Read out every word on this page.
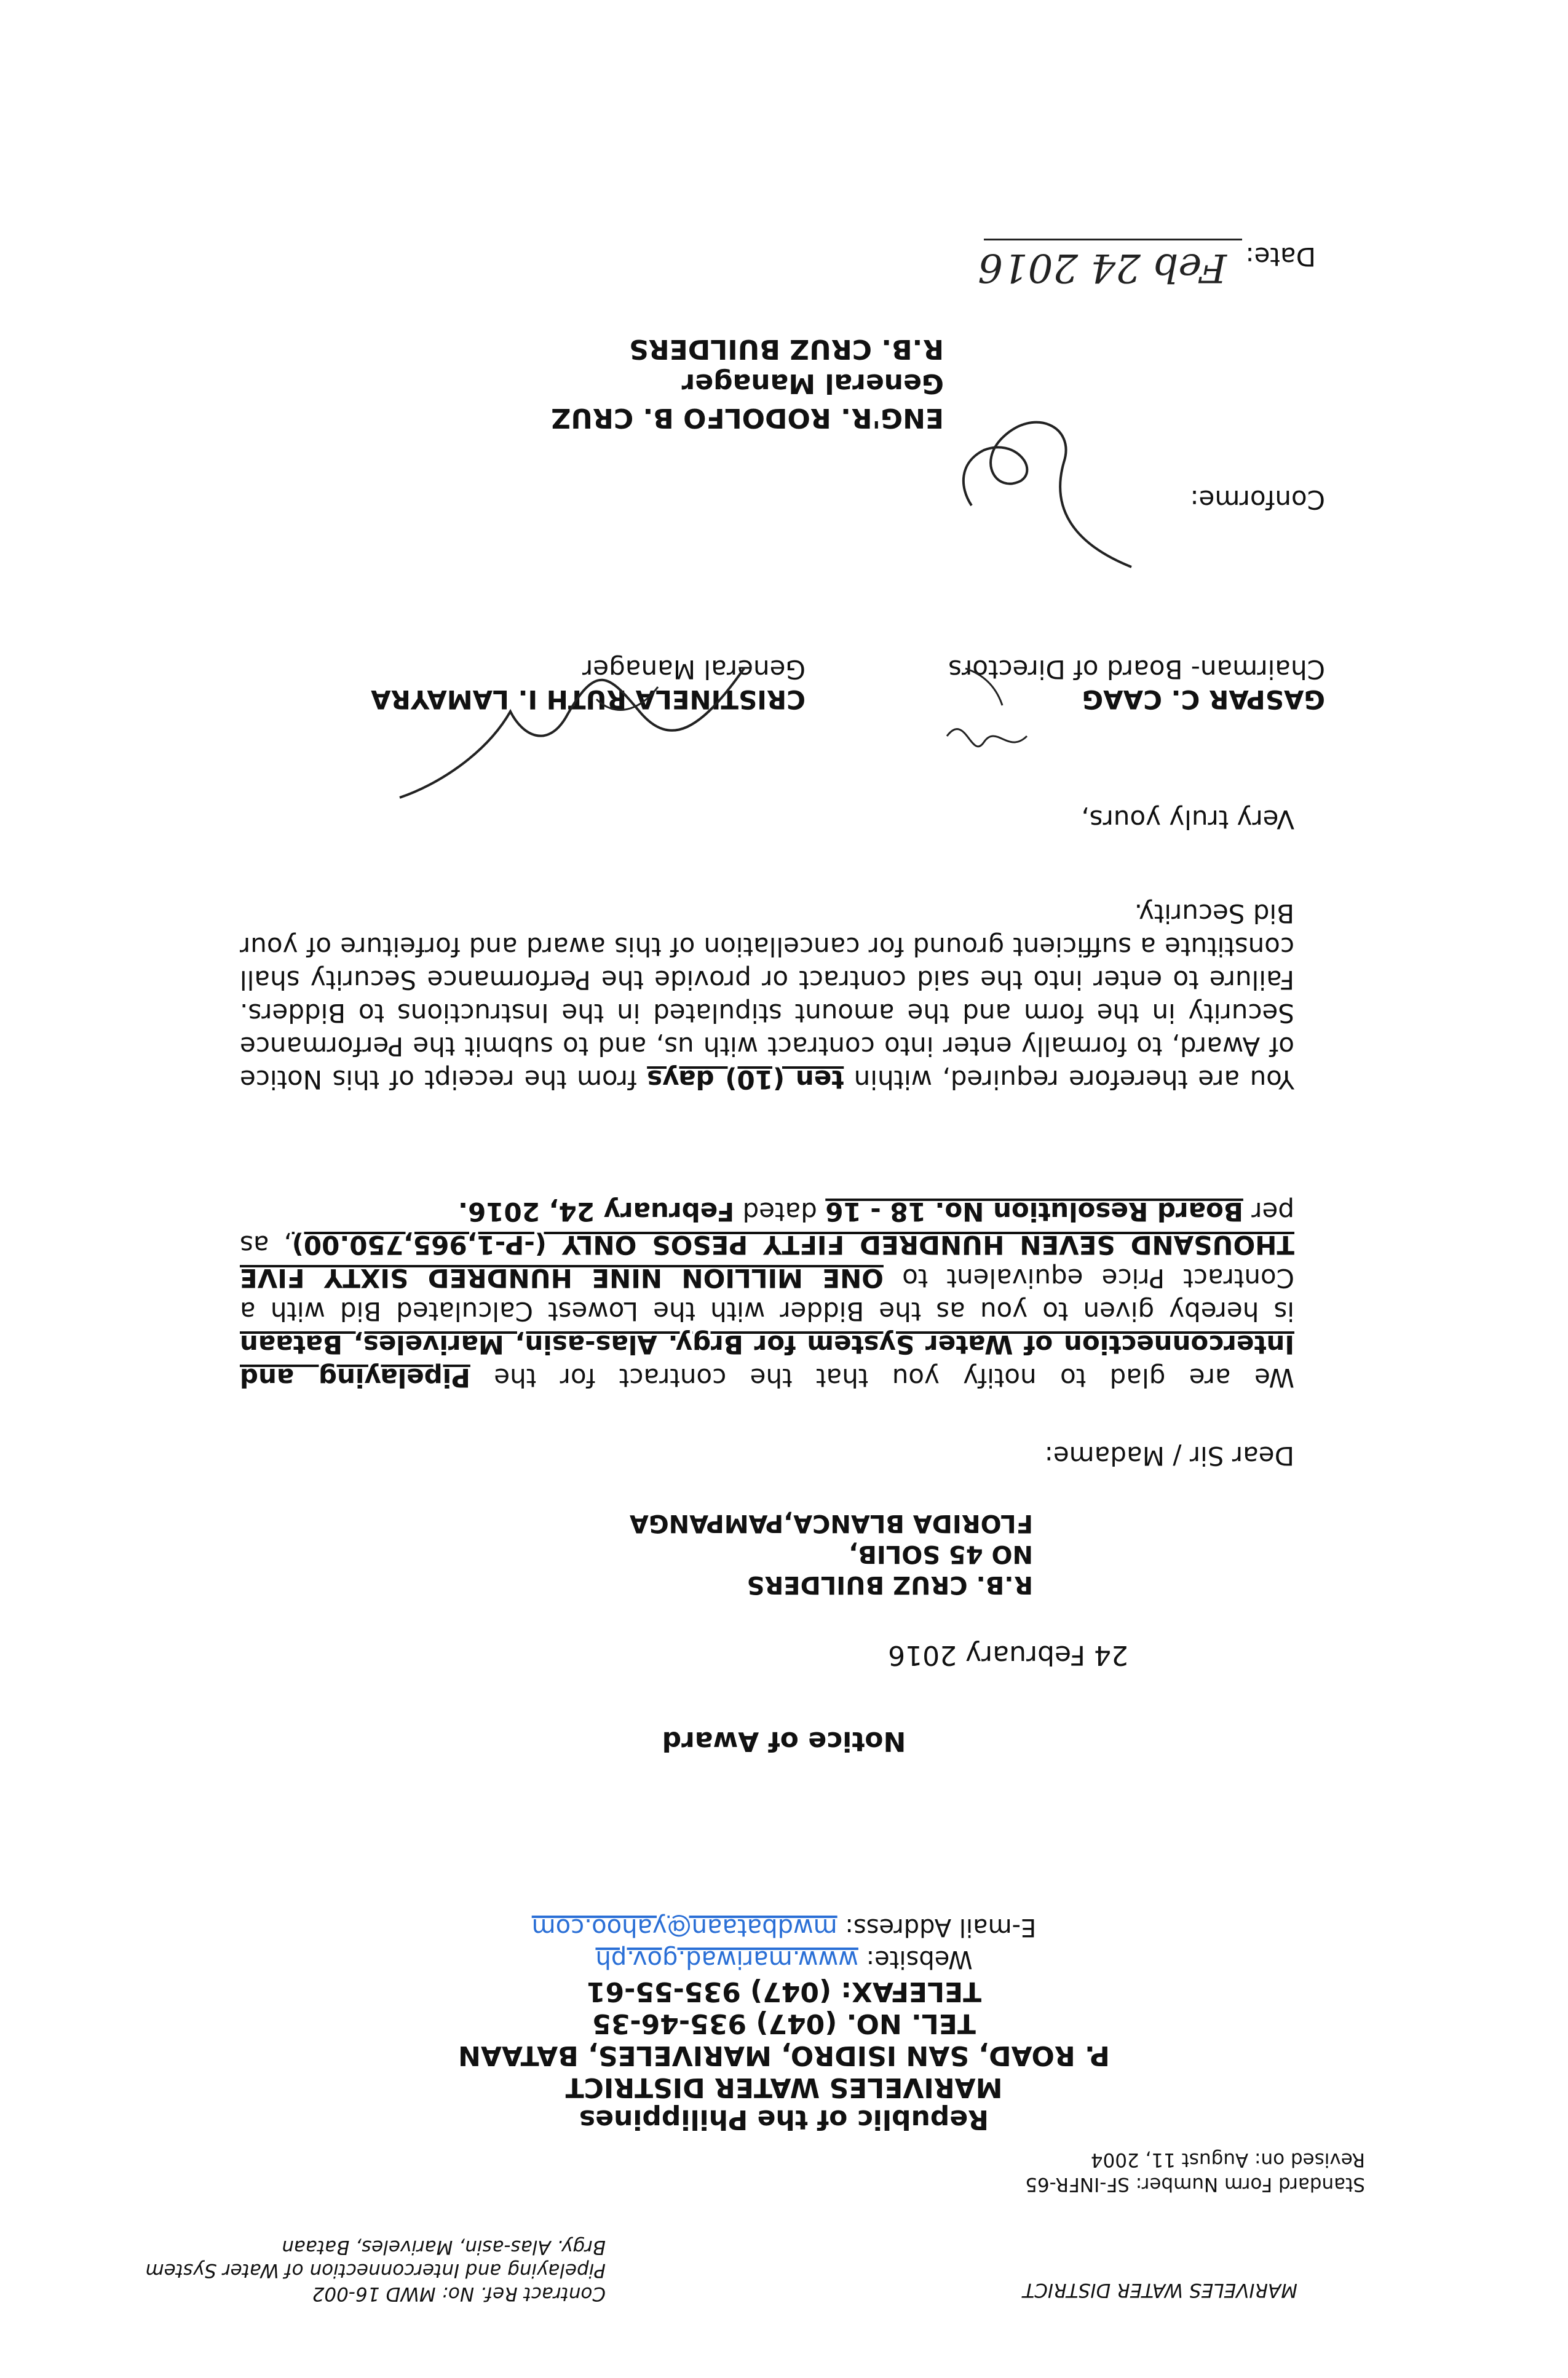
MARIVELES WATER DISTRICT
Contract Ref. No: MWD 16-002
Pipelaying and Interconnection of Water System
Brgy. Alas-asin, Mariveles, Bataan
Standard Form Number: SF-INFR-65
Revised on: August 11, 2004
Republic of the Philippines
MARIVELES WATER DISTRICT
P. ROAD, SAN ISIDRO, MARIVELES, BATAAN
TEL. NO. (047) 935-46-35
TELEFAX: (047) 935-55-61
Website: www.mariwad.gov.ph
E-mail Address: mwdbataan@yahoo.com
Notice of Award
24 February 2016
R.B. CRUZ BUILDERS
NO 45 SOLIB,
FLORIDA BLANCA,PAMPANGA
Dear Sir / Madame:
We are glad to notify you that the contract for the Pipelaying and Interconnection of Water System for Brgy. Alas-asin, Mariveles, Bataan is hereby given to you as the Bidder with the Lowest Calculated Bid with a Contract Price equivalent to ONE MILLION NINE HUNDRED SIXTY FIVE THOUSAND SEVEN HUNDRED FIFTY PESOS ONLY (-P-1,965,750.00), as per Board Resolution No. 18 - 16 dated February 24, 2016.
You are therefore required, within ten (10) days from the receipt of this Notice of Award, to formally enter into contract with us, and to submit the Performance Security in the form and the amount stipulated in the Instructions to Bidders. Failure to enter into the said contract or provide the Performance Security shall constitute a sufficient ground for cancellation of this award and forfeiture of your Bid Security.
Very truly yours,
GASPAR C. CAAG
Chairman- Board of Directors
CRISTINELA RUTH I. LAMAYRA
General Manager
Conforme:
ENG'R. RODOLFO B. CRUZ
General Manager
R.B. CRUZ BUILDERS
Date:
Feb 24 2016
